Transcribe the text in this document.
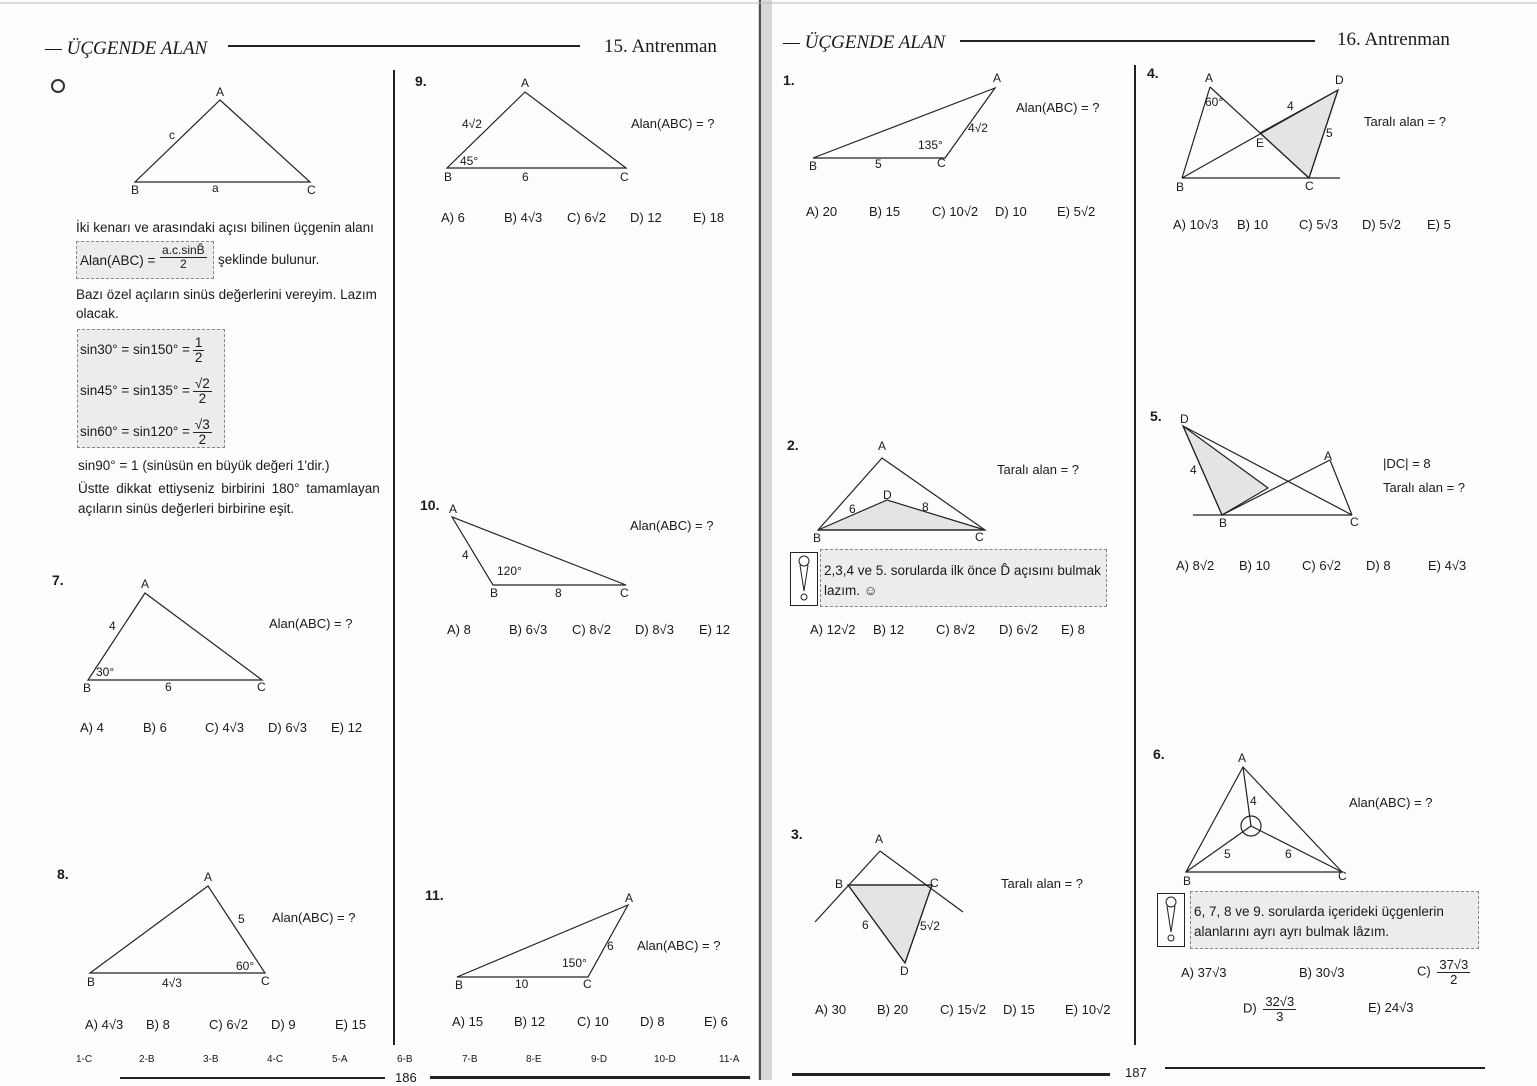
— ÜÇGENDE ALAN	15. Antrenman
A
c
B	a	C
İki kenarı ve arasındaki açısı bilinen üçgenin alanı
Alan(ABC) = $\frac{a.c.\sin B̂}{2}$ şeklinde bulunur.
Bazı özel açıların sinüs değerlerini vereyim. Lazım
olacak.
$\sin 30^\circ = \sin 150^\circ = \frac{1}{2}$
$\sin 45^\circ = \sin 135^\circ = \frac{√2}{2}$
$\sin 60^\circ = \sin 120^\circ = \frac{√3}{2}$
sin90° = 1 (sinüsün en büyük değeri 1'dir.)
Üstte dikkat ettiyseniz birbirini 180° tamamlayan
açıların sinüs değerleri birbirine eşit.
7.	A
B	C
4
6
30°
Alan(ABC) = ?
A) 4	B) 6	C) 4√3 D) 6√3 E) 12
8.	A
B	C
5
4√3
60°
Alan(ABC) = ?
A) 4√3 B) 8	C) 6√2 D) 9	E) 15
9.	A
B	C
4√2
6
45°
Alan(ABC) = ?
A) 6	B) 4√3 C) 6√2 D) 12 E) 18
10. A
B	C
4
8
120°
Alan(ABC) = ?
A) 8	B) 6√3 C) 8√2 D) 8√3 E) 12
11.	A
B	C
6
10
150°
Alan(ABC) = ?
A) 15 B) 12 C) 10 D) 8	E) 6
1-C	2-B	3-B	4-C	5-A	6-B	7-B	8-E	9-D	10-D	11-A
186
— ÜÇGENDE ALAN	16. Antrenman
1.	A
B	C
5
4√2
135°
Alan(ABC) = ?
A) 20 B) 15 C) 10√2 D) 10 E) 5√2
2.	A
B	C
D
6	8
Taralı alan = ?
2,3,4 ve 5. sorularda ilk önce D̂ açısını bulmak lazım. ☺
A) 12√2 B) 12 C) 8√2 D) 6√2 E) 8
3.	A
B	C
D
6	5√2
Taralı alan = ?
A) 30 B) 20 C) 15√2 D) 15 E) 10√2
4.	A
B	C
D
E
60°	4
5
Taralı alan = ?
A) 10√3 B) 10 C) 5√3 D) 5√2 E) 5
5. D
A
B	C
4	|DC| = 8
Taralı alan = ?
A) 8√2 B) 10 C) 6√2 D) 8	E) 4√3
6.	A
B	C
4
5	6
Alan(ABC) = ?
6, 7, 8 ve 9. sorularda içerideki üçgenlerin alanlarını ayrı ayrı bulmak lâzım.
A) 37√3	B) 30√3	$C) \frac{37√3}{2}$
$D) \frac{32√3}{3}$	E) 24√3
187
